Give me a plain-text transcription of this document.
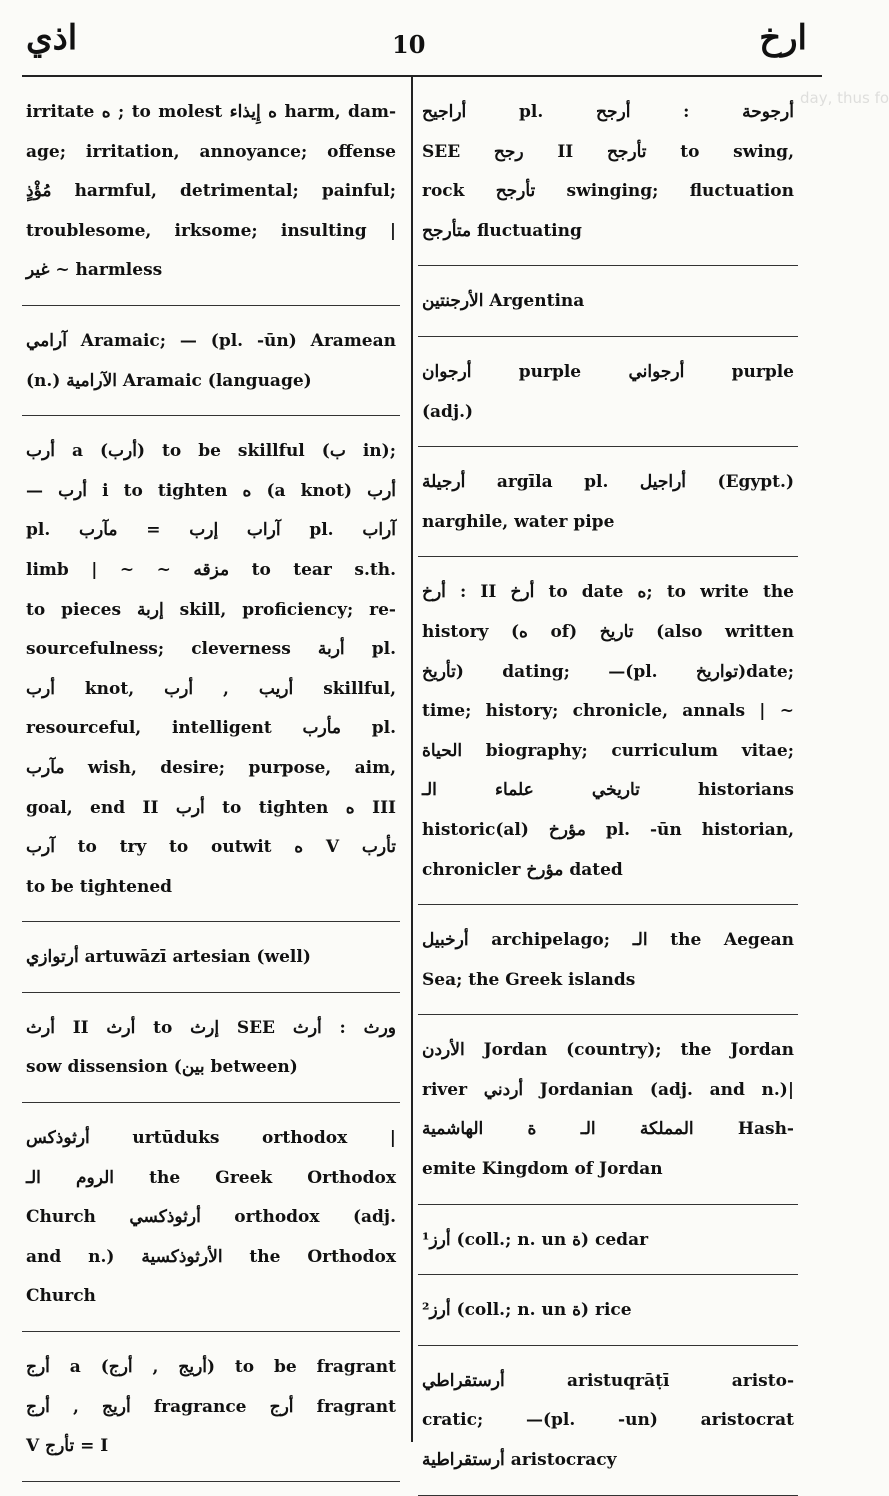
day, thus fo
اذي	10	ارخ
irritate ه ; to molest ه إِيذاء harm, dam-
age; irritation, annoyance; offense
مُؤْذٍ harmful, detrimental; painful;
troublesome, irksome; insulting |
غير ~ harmless
آرامي Aramaic; — (pl. -ūn) Aramean
(n.) الآرامية Aramaic (language)
أرب a (أرب) to be skillful (ب in);
— أرب i to tighten ه (a knot) أرب
pl. آراب إرب = مآرب pl. آراب
limb | ~ ~ مزقه to tear s.th.
to pieces إربة skill, proficiency; re-
sourcefulness; cleverness أربة pl.
أرب knot, أريب , أرب skillful,
resourceful, intelligent مأرب pl.
مآرب wish, desire; purpose, aim,
goal, end II أرب to tighten ه III
آرب to try to outwit ه V تأرب
to be tightened
أرتوازي artuwāzī artesian (well)
أرث II أرث to إرث SEE ورث : أرث
sow dissension (بين between)
أرثوذكس urtūduks orthodox |
الروم الـ the Greek Orthodox
Church أرثوذكسي orthodox (adj.
and n.) الأرثوذكسية the Orthodox
Church
أرج a (أريج , أرج) to be fragrant
أريج , أرج fragrance أرج fragrant
V تأرج = I
أراجيح pl. أرجوحة : أرجح
SEE رجح II تأرجح to swing,
rock تأرجح swinging; fluctuation
متأرجح fluctuating
الأرجنتين Argentina
أرجوان purple أرجواني purple
(adj.)
أرجيلة argīla pl. أراجيل (Egypt.)
narghile, water pipe
أرخ : II أرخ to date ه; to write the
history (ه of) تاريخ (also written
تأريخ) dating; —(pl. تواريخ)date;
time; history; chronicle, annals | ~
الحياة biography; curriculum vitae;
تاريخي علماء الـ historians
historic(al) مؤرخ pl. -ūn historian,
chronicler مؤرخ dated
أرخبيل archipelago; الـ the Aegean
Sea; the Greek islands
الأردن Jordan (country); the Jordan
river أردني Jordanian (adj. and n.)|
المملكة الـ ة الهاشمية Hash-
emite Kingdom of Jordan
أرز¹ (coll.; n. un ة) cedar
أرز² (coll.; n. un ة) rice
أرستقراطي aristuqrāṭī aristo-
cratic; —(pl. -un) aristocrat
أرستقراطية aristocracy
